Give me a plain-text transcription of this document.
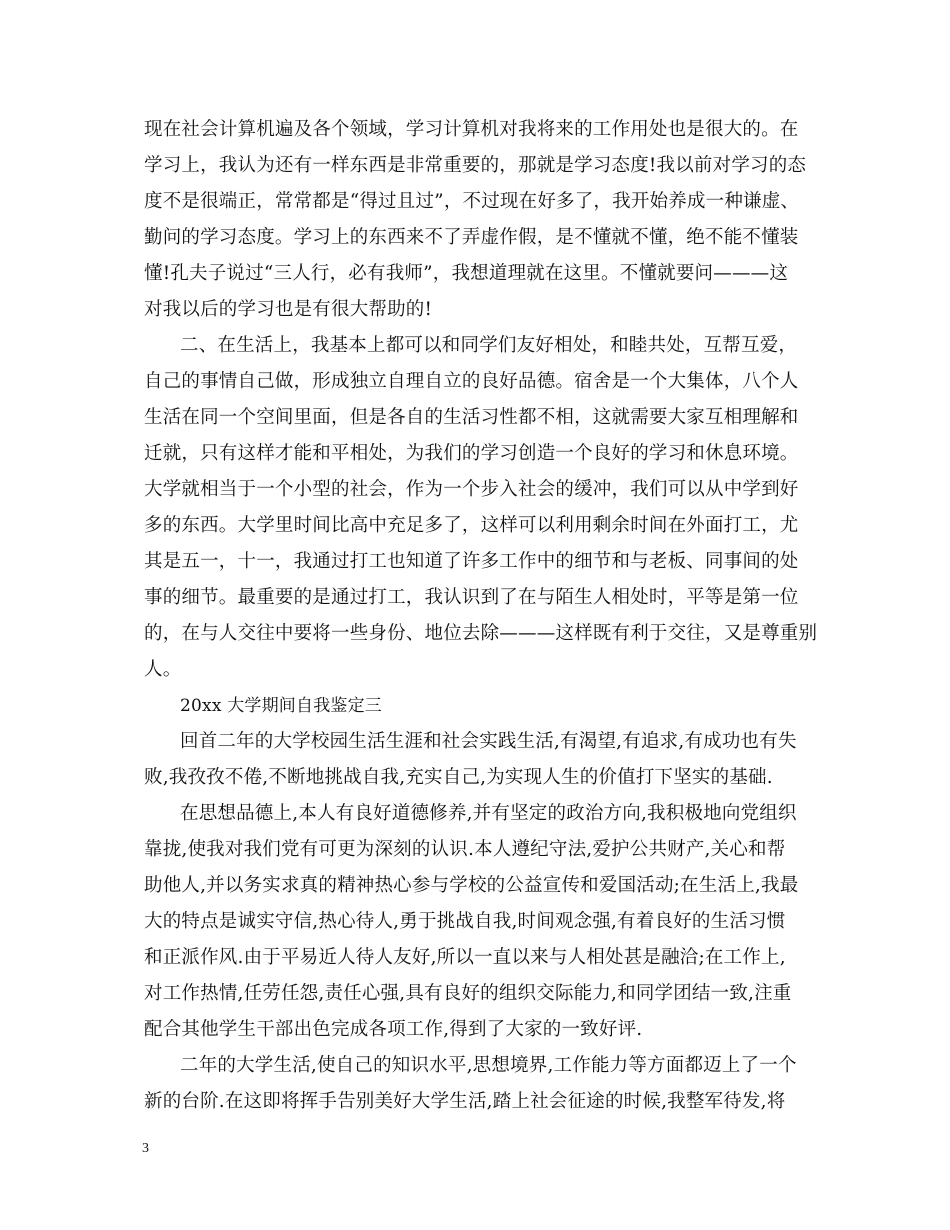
现在社会计算机遍及各个领域，学习计算机对我将来的工作用处也是很大的。在
学习上，我认为还有一样东西是非常重要的，那就是学习态度!我以前对学习的态
度不是很端正，常常都是“得过且过”，不过现在好多了，我开始养成一种谦虚、
勤问的学习态度。学习上的东西来不了弄虚作假，是不懂就不懂，绝不能不懂装
懂!孔夫子说过“三人行，必有我师”，我想道理就在这里。不懂就要问———这
对我以后的学习也是有很大帮助的!
二、在生活上，我基本上都可以和同学们友好相处，和睦共处，互帮互爱，
自己的事情自己做，形成独立自理自立的良好品德。宿舍是一个大集体，八个人
生活在同一个空间里面，但是各自的生活习性都不相，这就需要大家互相理解和
迁就，只有这样才能和平相处，为我们的学习创造一个良好的学习和休息环境。
大学就相当于一个小型的社会，作为一个步入社会的缓冲，我们可以从中学到好
多的东西。大学里时间比高中充足多了，这样可以利用剩余时间在外面打工，尤
其是五一，十一，我通过打工也知道了许多工作中的细节和与老板、同事间的处
事的细节。最重要的是通过打工，我认识到了在与陌生人相处时，平等是第一位
的，在与人交往中要将一些身份、地位去除———这样既有利于交往，又是尊重别
人。
20xx 大学期间自我鉴定三
回首二年的大学校园生活生涯和社会实践生活,有渴望,有追求,有成功也有失
败,我孜孜不倦,不断地挑战自我,充实自己,为实现人生的价值打下坚实的基础.
在思想品德上,本人有良好道德修养,并有坚定的政治方向,我积极地向党组织
靠拢,使我对我们党有可更为深刻的认识.本人遵纪守法,爱护公共财产,关心和帮
助他人,并以务实求真的精神热心参与学校的公益宣传和爱国活动;在生活上,我最
大的特点是诚实守信,热心待人,勇于挑战自我,时间观念强,有着良好的生活习惯
和正派作风.由于平易近人待人友好,所以一直以来与人相处甚是融洽;在工作上,
对工作热情,任劳任怨,责任心强,具有良好的组织交际能力,和同学团结一致,注重
配合其他学生干部出色完成各项工作,得到了大家的一致好评.
二年的大学生活,使自己的知识水平,思想境界,工作能力等方面都迈上了一个
新的台阶.在这即将挥手告别美好大学生活,踏上社会征途的时候,我整军待发,将
3
